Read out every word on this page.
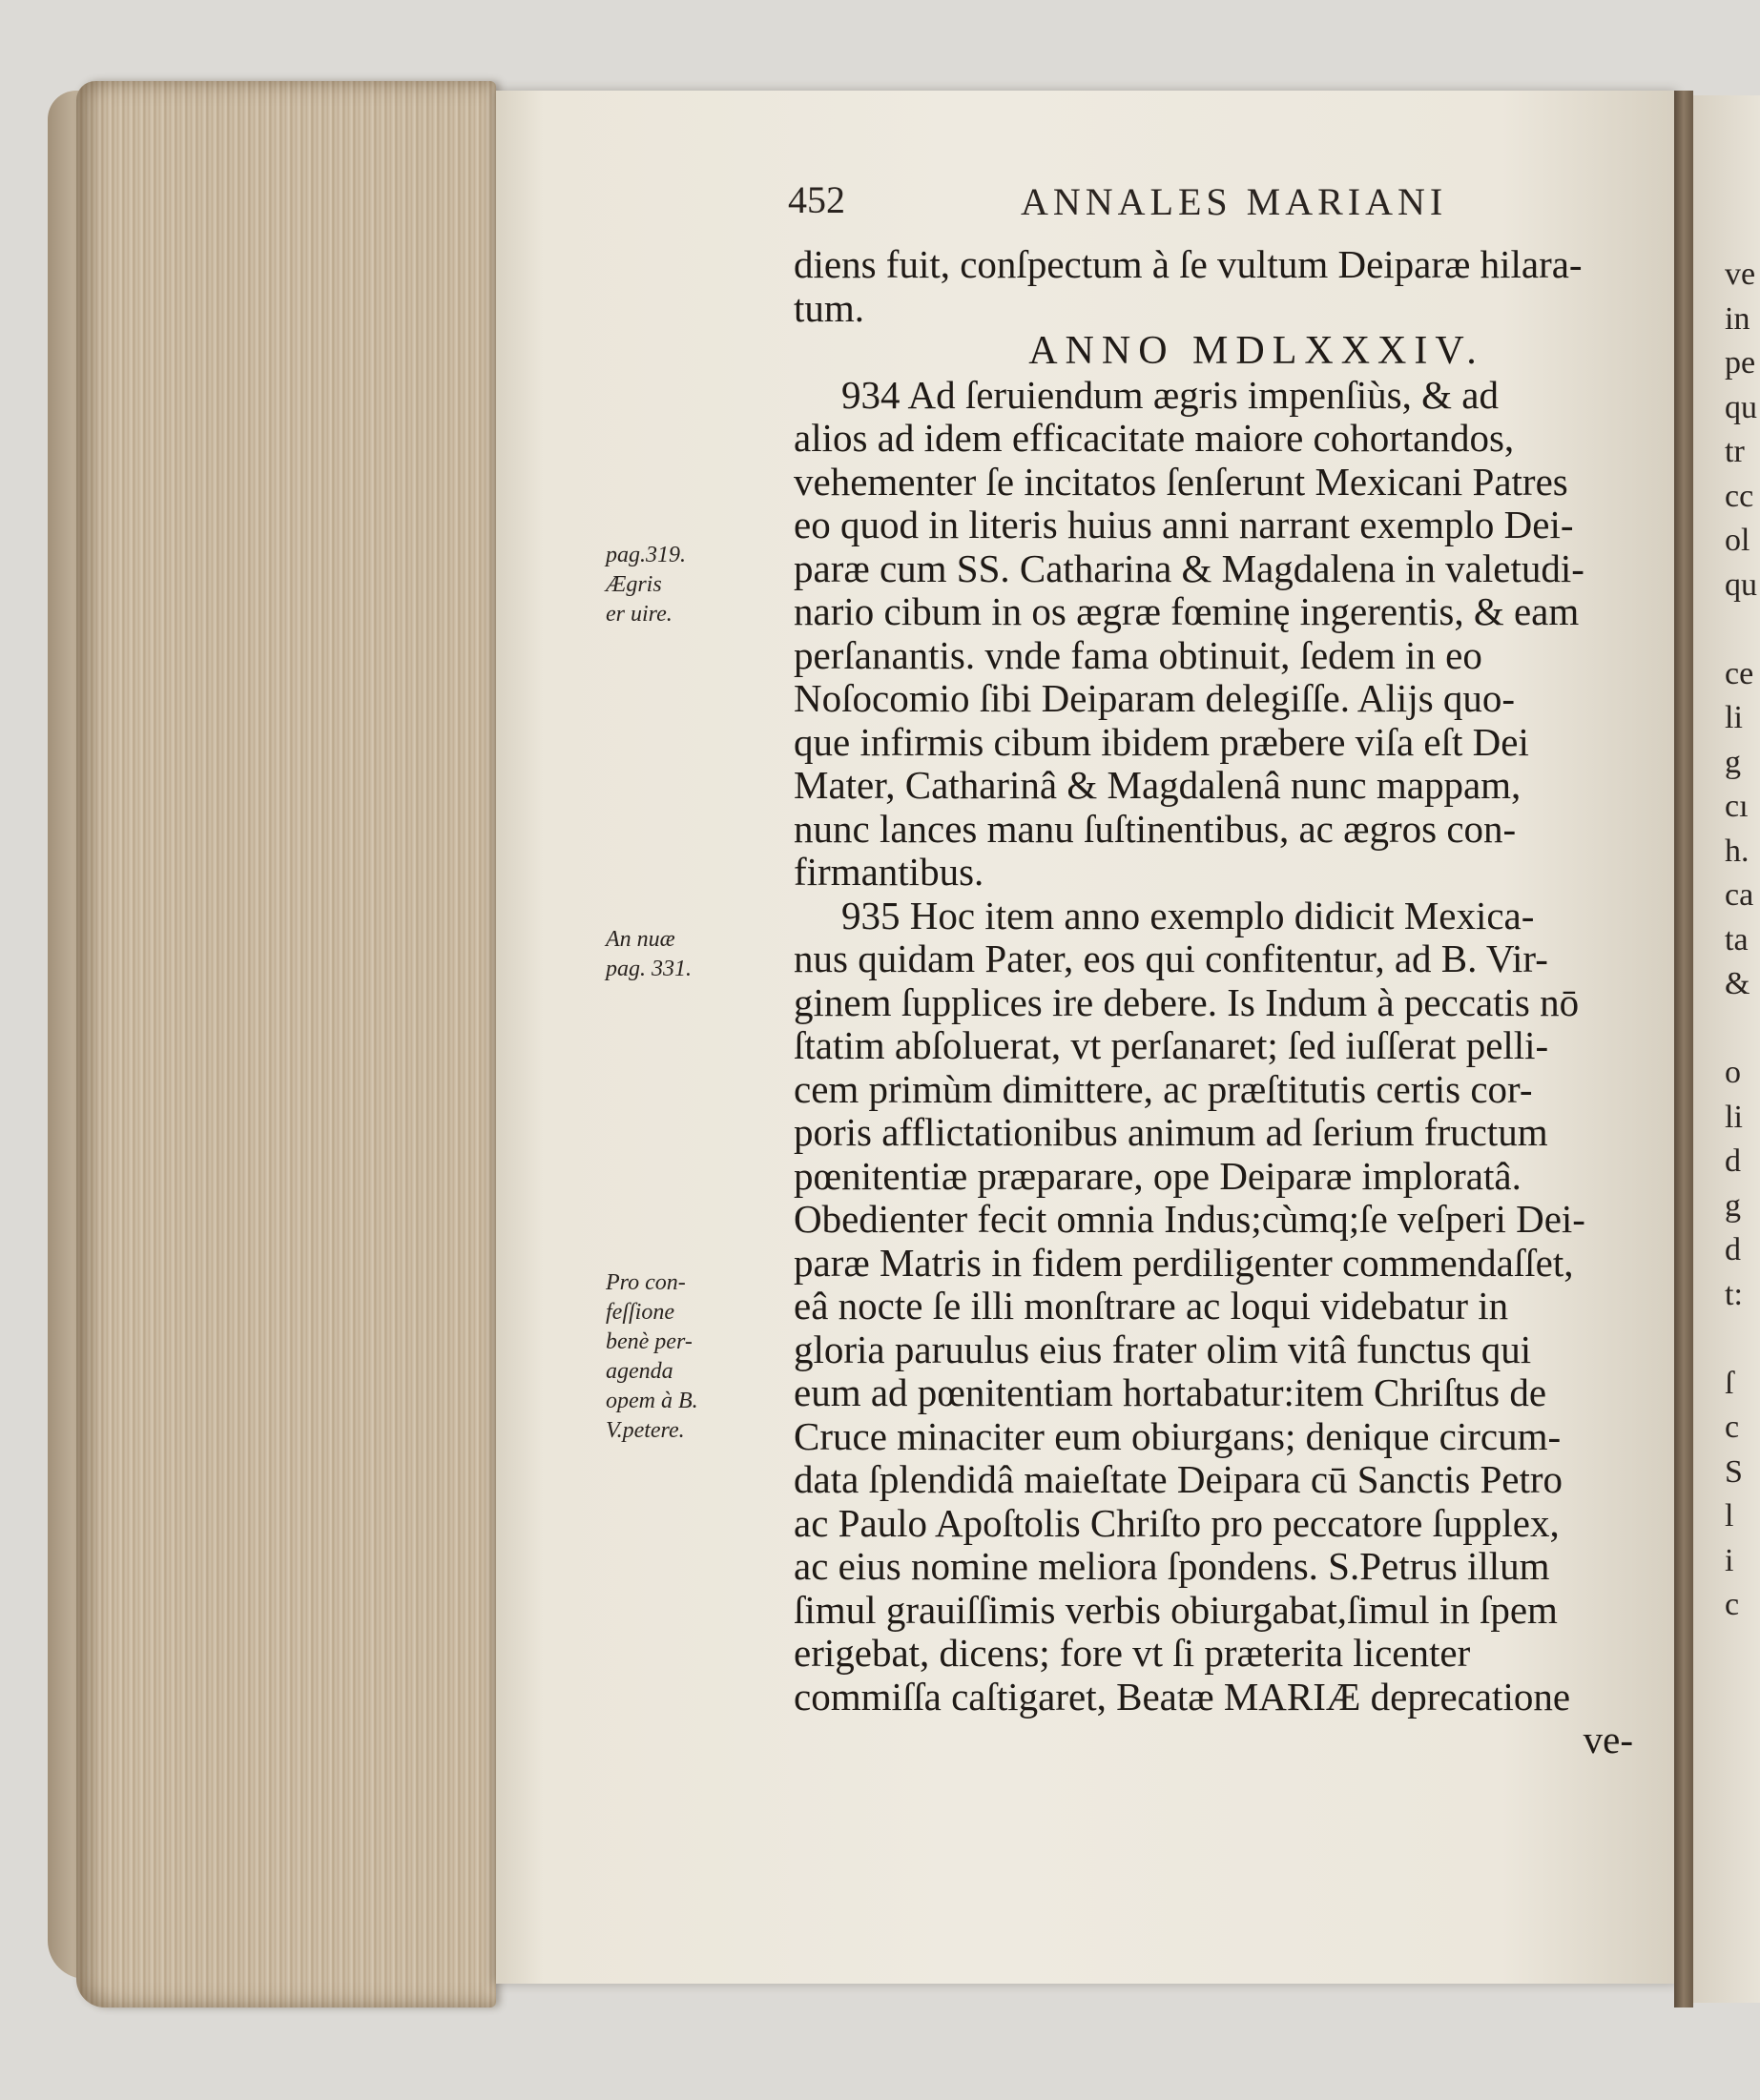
452	ANNALES MARIANI
diens fuit, conſpectum à ſe vultum Deiparæ hilara-
tum.
ANNO MDLXXXIV.
934 Ad ſeruiendum ægris impenſiùs, & ad
alios ad idem efficacitate maiore cohortandos,
vehementer ſe incitatos ſenſerunt Mexicani Patres
eo quod in literis huius anni narrant exemplo Dei-
paræ cum SS. Catharina & Magdalena in valetudi-
nario cibum in os ægræ fœminę ingerentis, & eam
perſanantis. vnde fama obtinuit, ſedem in eo
Noſocomio ſibi Deiparam delegiſſe. Alijs quo-
que infirmis cibum ibidem præbere viſa eſt Dei
Mater, Catharinâ & Magdalenâ nunc mappam,
nunc lances manu ſuſtinentibus, ac ægros con-
firmantibus.
935 Hoc item anno exemplo didicit Mexica-
nus quidam Pater, eos qui confitentur, ad B. Vir-
ginem ſupplices ire debere. Is Indum à peccatis nō
ſtatim abſoluerat, vt perſanaret; ſed iuſſerat pelli-
cem primùm dimittere, ac præſtitutis certis cor-
poris afflictationibus animum ad ſerium fructum
pœnitentiæ præparare, ope Deiparæ imploratâ.
Obedienter fecit omnia Indus;cùmq;ſe veſperi Dei-
paræ Matris in fidem perdiligenter commendaſſet,
eâ nocte ſe illi monſtrare ac loqui videbatur in
gloria paruulus eius frater olim vitâ functus qui
eum ad pœnitentiam hortabatur:item Chriſtus de
Cruce minaciter eum obiurgans; denique circum-
data ſplendidâ maieſtate Deipara cū Sanctis Petro
ac Paulo Apoſtolis Chriſto pro peccatore ſupplex,
ac eius nomine meliora ſpondens. S.Petrus illum
ſimul grauiſſimis verbis obiurgabat,ſimul in ſpem
erigebat, dicens; fore vt ſi præterita licenter
commiſſa caſtigaret, Beatæ MARIÆ deprecatione
ve-
pag.319.
Ægris
er uire.
An nuæ
pag. 331.
Pro con-
feſſione
benè per-
agenda
opem à B.
V.petere.
ve
in
pe
qu
tr
cc
ol
qu
ce
li
g
cı
h.
ca
ta
&
o
li
d
g
d
t:
ſ
c
S
l
i
c
